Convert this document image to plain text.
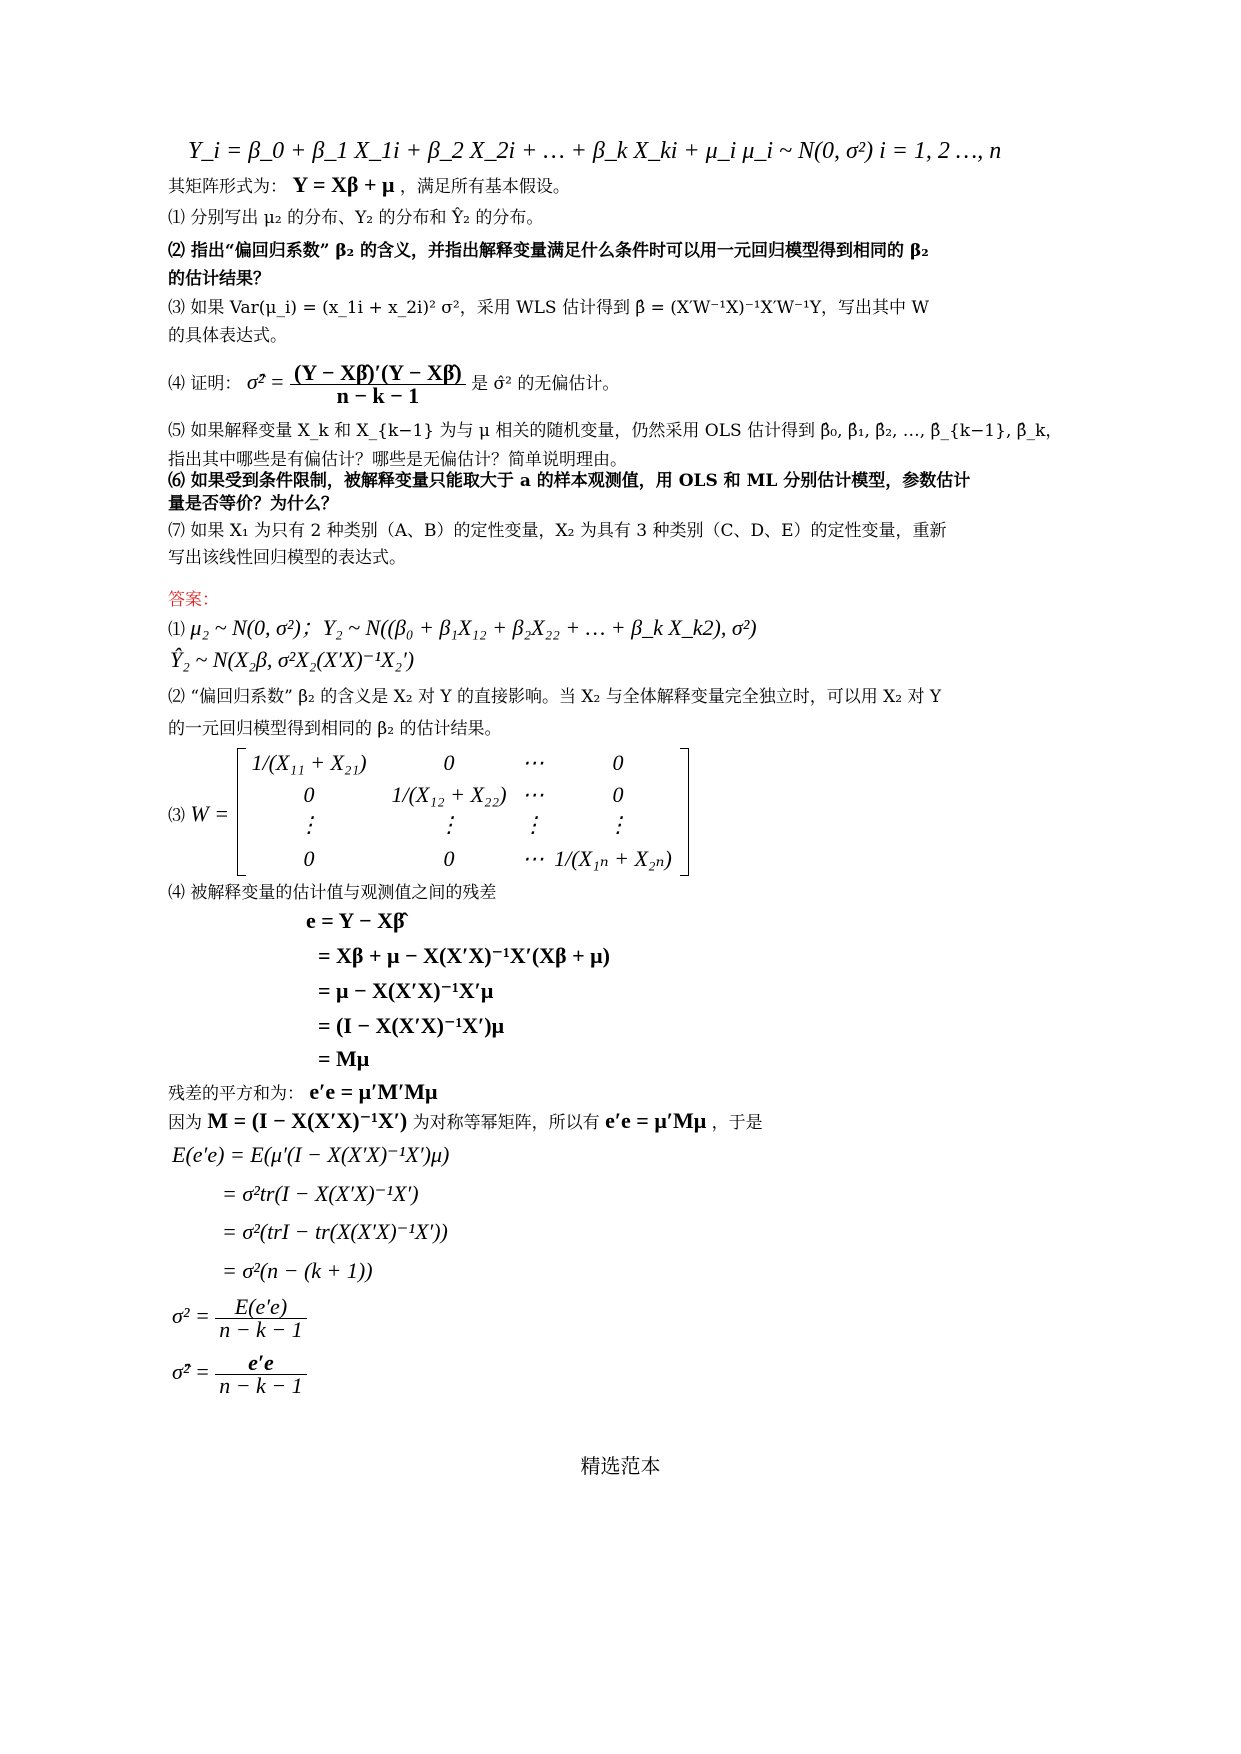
Y_i = β_0 + β_1 X_1i + β_2 X_2i + … + β_k X_ki + μ_i μ_i ~ N(0, σ²) i = 1, 2 …, n
其矩阵形式为： Y = Xβ + μ ，满足所有基本假设。
⑴ 分别写出 μ₂ 的分布、Y₂ 的分布和 Ŷ₂ 的分布。
⑵ 指出“偏回归系数” β₂ 的含义，并指出解释变量满足什么条件时可以用一元回归模型得到相同的 β₂
的估计结果？
⑶ 如果 Var(μ_i) = (x_1i + x_2i)² σ²，采用 WLS 估计得到 β̂ = (X′W⁻¹X)⁻¹X′W⁻¹Y，写出其中 W
的具体表达式。
⑷ 证明： σ̂² = $\frac{(Y - X\betâ)'(Y - X\betâ)}{n - k - 1}$ 是 σ̂² 的无偏估计。
⑸ 如果解释变量 X_k 和 X_{k−1} 为与 μ 相关的随机变量，仍然采用 OLS 估计得到 β̂₀, β̂₁, β̂₂, …, β̂_{k−1}, β̂_k，
指出其中哪些是有偏估计？哪些是无偏估计？简单说明理由。
⑹ 如果受到条件限制，被解释变量只能取大于 a 的样本观测值，用 OLS 和 ML 分别估计模型，参数估计
量是否等价？为什么？
⑺ 如果 X₁ 为只有 2 种类别（A、B）的定性变量，X₂ 为具有 3 种类别（C、D、E）的定性变量，重新
写出该线性回归模型的表达式。
答案：
⑴ μ₂ ~ N(0, σ²)；Y₂ ~ N((β₀ + β₁X₁₂ + β₂X₂₂ + … + β_k X_k2), σ²)
Ŷ₂ ~ N(X₂β, σ²X₂(X′X)⁻¹X₂′)
⑵ “偏回归系数” β₂ 的含义是 X₂ 对 Y 的直接影响。当 X₂ 与全体解释变量完全独立时，可以用 X₂ 对 Y
的一元回归模型得到相同的 β₂ 的估计结果。
⑶ W =
1/(X₁₁ + X₂₁)	0	⋯	0
0	1/(X₁₂ + X₂₂) ⋯	0
⋮	⋮	⋮	⋮
0	0	⋯ 1/(X₁ₙ + X₂ₙ)
⑷ 被解释变量的估计值与观测值之间的残差
e = Y − Xβ̂
= Xβ + μ − X(X′X)⁻¹X′(Xβ + μ)
= μ − X(X′X)⁻¹X′μ
= (I − X(X′X)⁻¹X′)μ
= Mμ
残差的平方和为： e′e = μ′M′Mμ
因为 M = (I − X(X′X)⁻¹X′) 为对称等幂矩阵，所以有 e′e = μ′Mμ ，于是
E(e′e) = E(μ′(I − X(X′X)⁻¹X′)μ)
= σ²tr(I − X(X′X)⁻¹X′)
= σ²(trI − tr(X(X′X)⁻¹X′))
= σ²(n − (k + 1))
$\sigma^2 = \frac{E(e'e)}{n - k - 1}$
σ̂² = $\frac{e'e}{n - k - 1}$
精选范本
